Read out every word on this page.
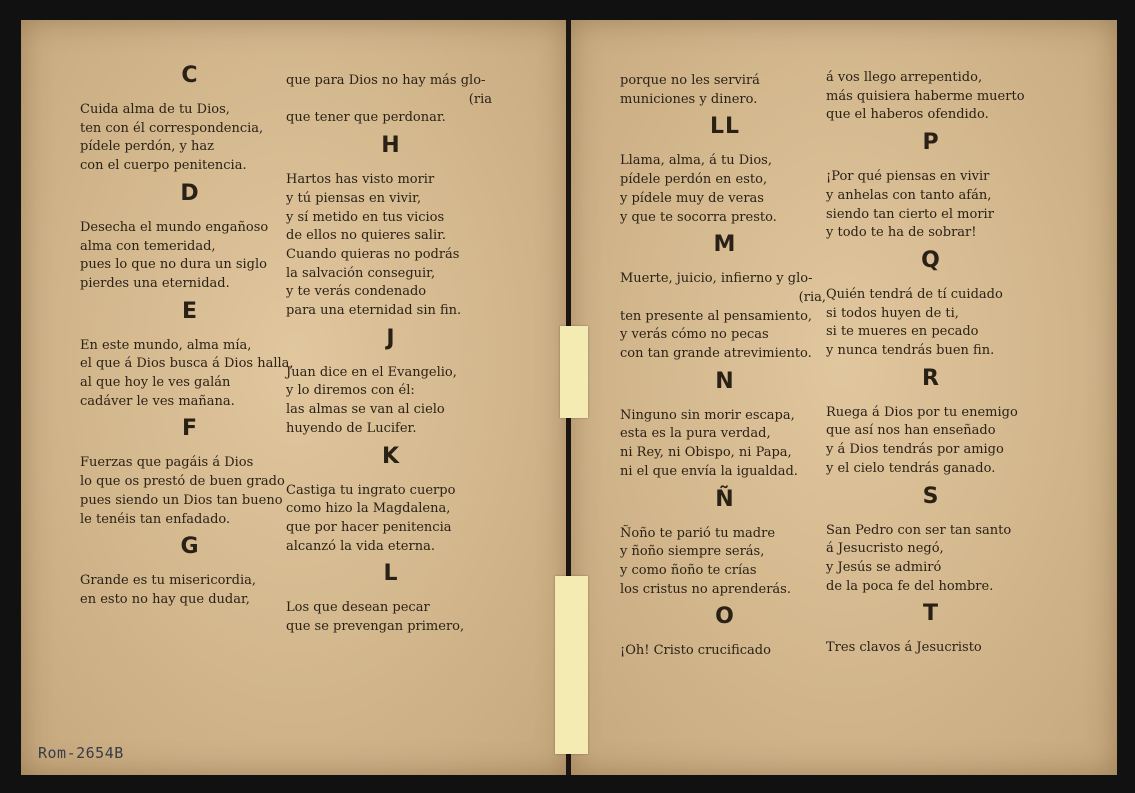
C
Cuida alma de tu Dios,
ten con él correspondencia,
pídele perdón, y haz
con el cuerpo penitencia.
D
Desecha el mundo engañoso
alma con temeridad,
pues lo que no dura un siglo
pierdes una eternidad.
E
En este mundo, alma mía,
el que á Dios busca á Dios halla,
al que hoy le ves galán
cadáver le ves mañana.
F
Fuerzas que pagáis á Dios
lo que os prestó de buen grado
pues siendo un Dios tan bueno
le tenéis tan enfadado.
G
Grande es tu misericordia,
en esto no hay que dudar,
que para Dios no hay más glo-
(ria
que tener que perdonar.
H
Hartos has visto morir
y tú piensas en vivir,
y sí metido en tus vicios
de ellos no quieres salir.
Cuando quieras no podrás
la salvación conseguir,
y te verás condenado
para una eternidad sin fin.
J
Juan dice en el Evangelio,
y lo diremos con él:
las almas se van al cielo
huyendo de Lucifer.
K
Castiga tu ingrato cuerpo
como hizo la Magdalena,
que por hacer penitencia
alcanzó la vida eterna.
L
Los que desean pecar
que se prevengan primero,
porque no les servirá
municiones y dinero.
LL
Llama, alma, á tu Dios,
pídele perdón en esto,
y pídele muy de veras
y que te socorra presto.
M
Muerte, juicio, infierno y glo-
(ria,
ten presente al pensamiento,
y verás cómo no pecas
con tan grande atrevimiento.
N
Ninguno sin morir escapa,
esta es la pura verdad,
ni Rey, ni Obispo, ni Papa,
ni el que envía la igualdad.
Ñ
Ñoño te parió tu madre
y ñoño siempre serás,
y como ñoño te crías
los cristus no aprenderás.
O
¡Oh! Cristo crucificado
á vos llego arrepentido,
más quisiera haberme muerto
que el haberos ofendido.
P
¡Por qué piensas en vivir
y anhelas con tanto afán,
siendo tan cierto el morir
y todo te ha de sobrar!
Q
Quién tendrá de tí cuidado
si todos huyen de ti,
si te mueres en pecado
y nunca tendrás buen fin.
R
Ruega á Dios por tu enemigo
que así nos han enseñado
y á Dios tendrás por amigo
y el cielo tendrás ganado.
S
San Pedro con ser tan santo
á Jesucristo negó,
y Jesús se admiró
de la poca fe del hombre.
T
Tres clavos á Jesucristo
Rom-2654B
